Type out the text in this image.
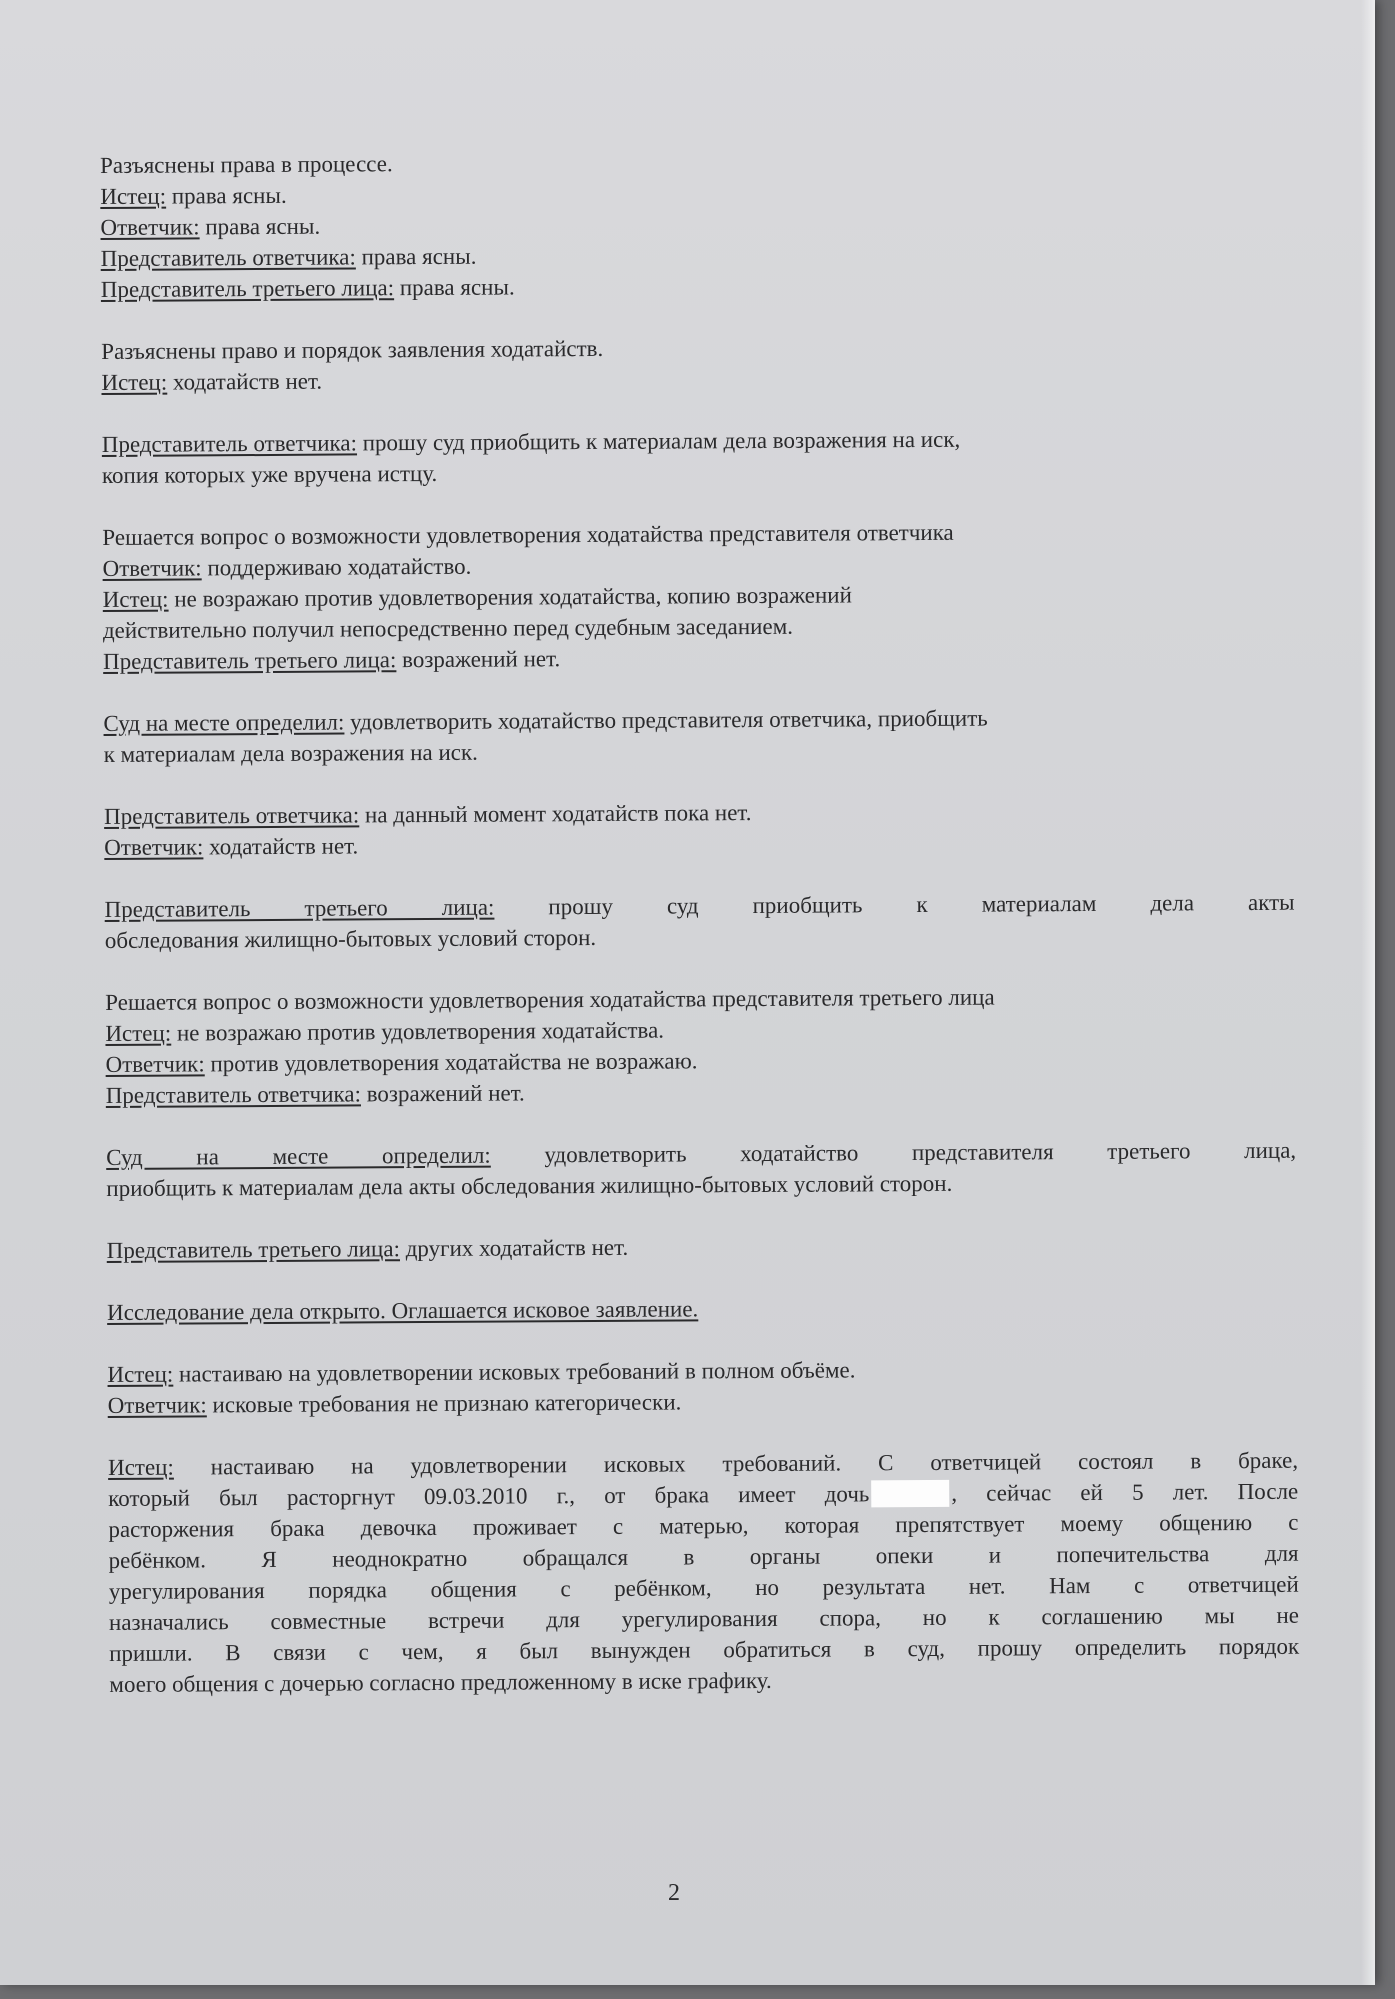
Разъяснены права в процессе.
Истец: права ясны.
Ответчик: права ясны.
Представитель ответчика: права ясны.
Представитель третьего лица: права ясны.
Разъяснены право и порядок заявления ходатайств.
Истец: ходатайств нет.
Представитель ответчика: прошу суд приобщить к материалам дела возражения на иск,
копия которых уже вручена истцу.
Решается вопрос о возможности удовлетворения ходатайства представителя ответчика
Ответчик: поддерживаю ходатайство.
Истец: не возражаю против удовлетворения ходатайства, копию возражений
действительно получил непосредственно перед судебным заседанием.
Представитель третьего лица: возражений нет.
Суд на месте определил: удовлетворить ходатайство представителя ответчика, приобщить
к материалам дела возражения на иск.
Представитель ответчика: на данный момент ходатайств пока нет.
Ответчик: ходатайств нет.
Представитель третьего лица: прошу суд приобщить к материалам дела акты
обследования жилищно-бытовых условий сторон.
Решается вопрос о возможности удовлетворения ходатайства представителя третьего лица
Истец: не возражаю против удовлетворения ходатайства.
Ответчик: против удовлетворения ходатайства не возражаю.
Представитель ответчика: возражений нет.
Суд на месте определил: удовлетворить ходатайство представителя третьего лица,
приобщить к материалам дела акты обследования жилищно-бытовых условий сторон.
Представитель третьего лица: других ходатайств нет.
Исследование дела открыто. Оглашается исковое заявление.
Истец: настаиваю на удовлетворении исковых требований в полном объёме.
Ответчик: исковые требования не признаю категорически.
Истец: настаиваю на удовлетворении исковых требований. С ответчицей состоял в браке,
который был расторгнут 09.03.2010 г., от брака имеет дочь	, сейчас ей 5 лет. После
расторжения брака девочка проживает с матерью, которая препятствует моему общению с
ребёнком. Я неоднократно обращался в органы опеки и попечительства для
урегулирования порядка общения с ребёнком, но результата нет. Нам с ответчицей
назначались совместные встречи для урегулирования спора, но к соглашению мы не
пришли. В связи с чем, я был вынужден обратиться в суд, прошу определить порядок
моего общения с дочерью согласно предложенному в иске графику.
2
